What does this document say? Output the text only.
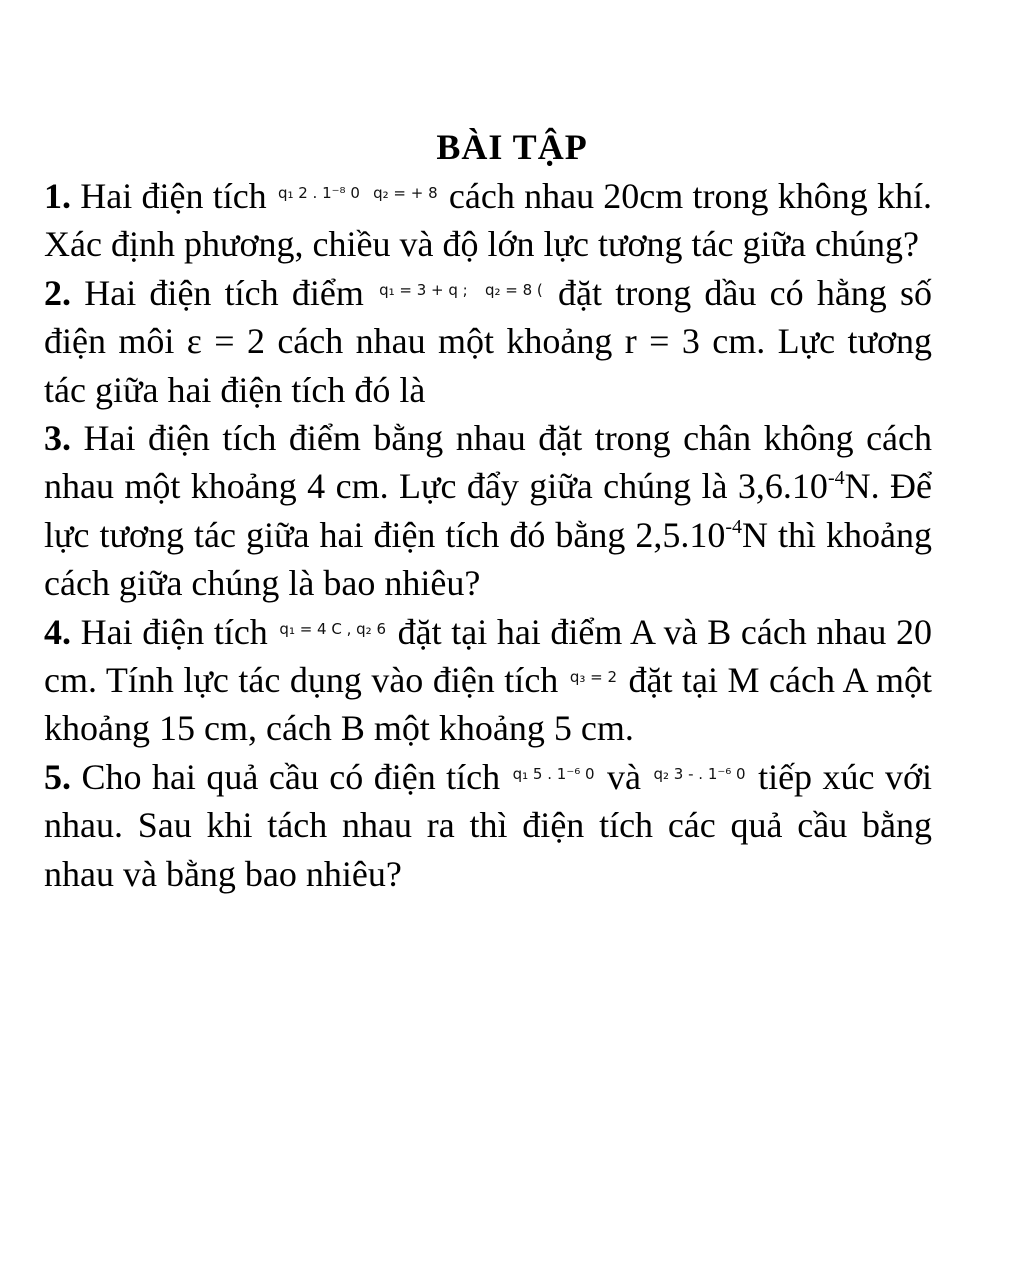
BÀI TẬP

1. Hai điện tích q₁ 2 . 1⁻⁸ 0 q₂ = + 8 cách nhau 20cm trong không khí. Xác định phương, chiều và độ lớn lực tương tác giữa chúng?

2. Hai điện tích điểm q₁ = 3 + q ; q₂ = 8 ( đặt trong dầu có hằng số điện môi ε = 2 cách nhau một khoảng r = 3 cm. Lực tương tác giữa hai điện tích đó là

3. Hai điện tích điểm bằng nhau đặt trong chân không cách nhau một khoảng 4 cm. Lực đẩy giữa chúng là $3,6.10^{-4}N$. Để lực tương tác giữa hai điện tích đó bằng $2,5.10^{-4}N$ thì khoảng cách giữa chúng là bao nhiêu?

4. Hai điện tích q₁ = 4 C , q₂ 6 đặt tại hai điểm A và B cách nhau 20 cm. Tính lực tác dụng vào điện tích q₃ = 2 đặt tại M cách A một khoảng 15 cm, cách B một khoảng 5 cm.

5. Cho hai quả cầu có điện tích q₁ 5 . 1⁻⁶ 0 và q₂ 3 - . 1⁻⁶ 0 tiếp xúc với nhau. Sau khi tách nhau ra thì điện tích các quả cầu bằng nhau và bằng bao nhiêu?
